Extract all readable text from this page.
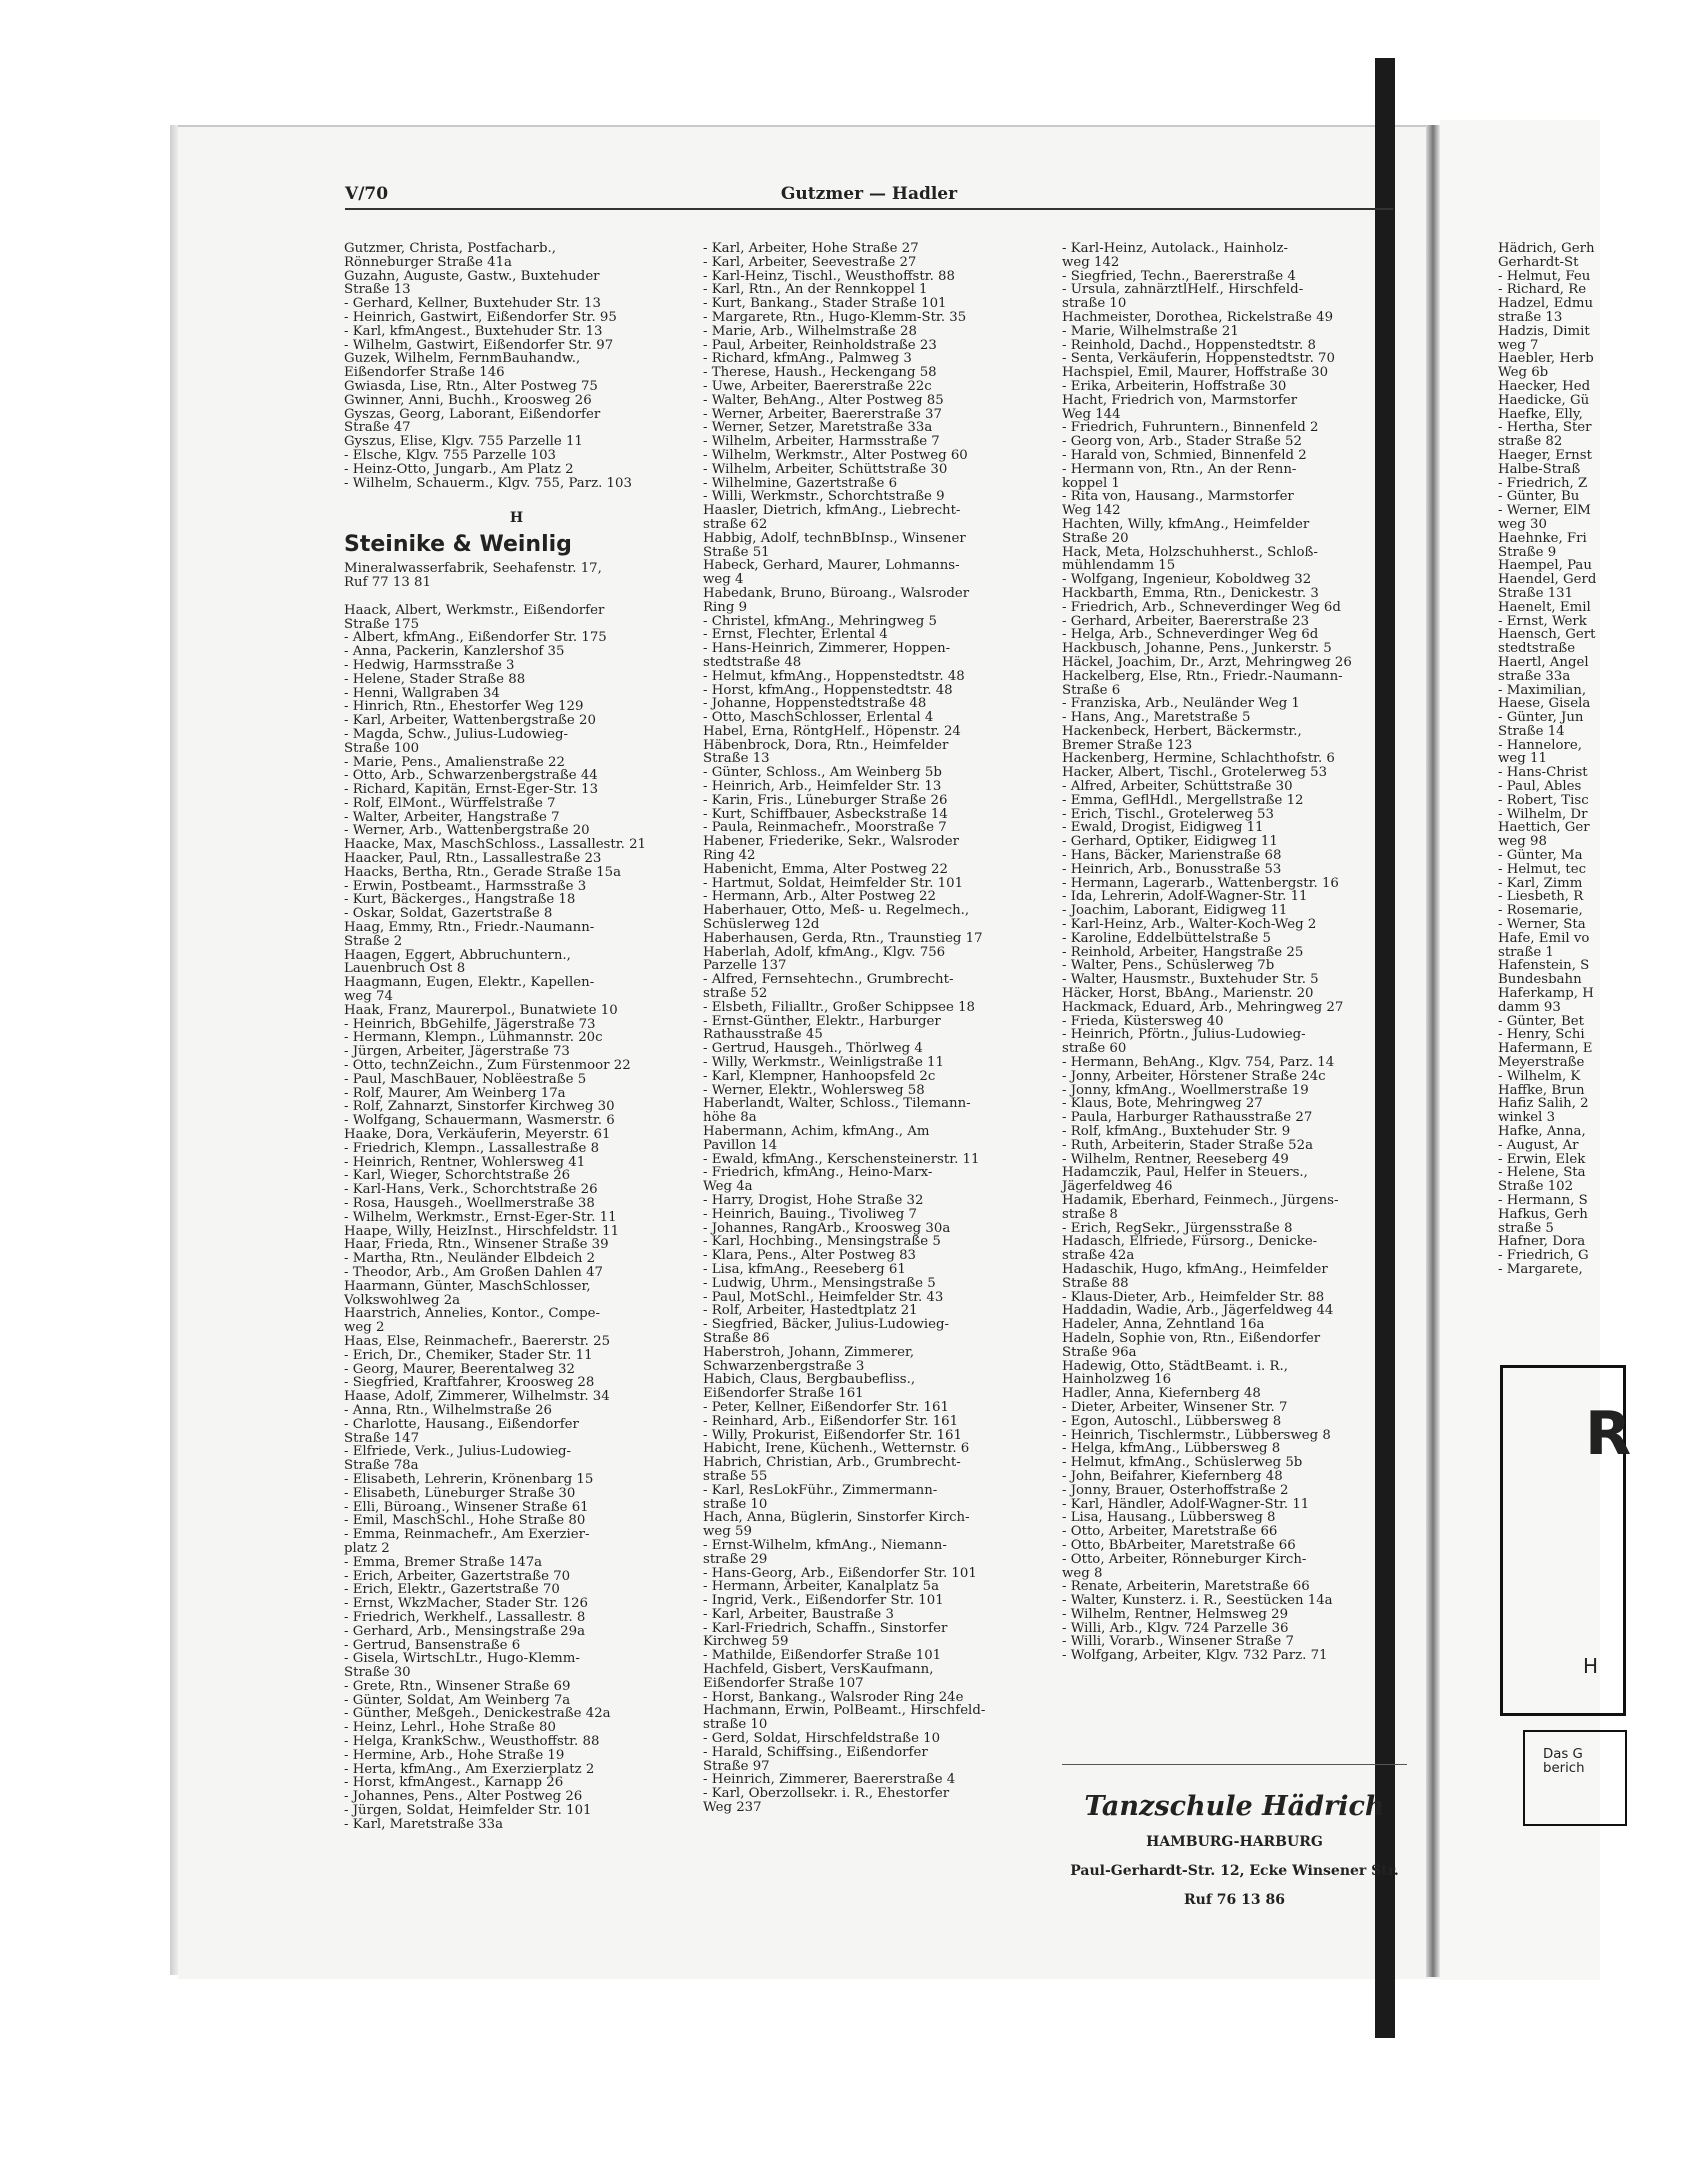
V/70	Gutzmer — Hadler
Gutzmer, Christa, Postfacharb.,
Rönneburger Straße 41a
Guzahn, Auguste, Gastw., Buxtehuder
Straße 13
- Gerhard, Kellner, Buxtehuder Str. 13
- Heinrich, Gastwirt, Eißendorfer Str. 95
- Karl, kfmAngest., Buxtehuder Str. 13
- Wilhelm, Gastwirt, Eißendorfer Str. 97
Guzek, Wilhelm, FernmBauhandw.,
Eißendorfer Straße 146
Gwiasda, Lise, Rtn., Alter Postweg 75
Gwinner, Anni, Buchh., Kroosweg 26
Gyszas, Georg, Laborant, Eißendorfer
Straße 47
Gyszus, Elise, Klgv. 755 Parzelle 11
- Elsche, Klgv. 755 Parzelle 103
- Heinz-Otto, Jungarb., Am Platz 2
- Wilhelm, Schauerm., Klgv. 755, Parz. 103
H
Steinike & Weinlig
Mineralwasserfabrik, Seehafenstr. 17,
Ruf 77 13 81
Haack, Albert, Werkmstr., Eißendorfer
Straße 175
- Albert, kfmAng., Eißendorfer Str. 175
- Anna, Packerin, Kanzlershof 35
- Hedwig, Harmsstraße 3
- Helene, Stader Straße 88
- Henni, Wallgraben 34
- Hinrich, Rtn., Ehestorfer Weg 129
- Karl, Arbeiter, Wattenbergstraße 20
- Magda, Schw., Julius-Ludowieg-
Straße 100
- Marie, Pens., Amalienstraße 22
- Otto, Arb., Schwarzenbergstraße 44
- Richard, Kapitän, Ernst-Eger-Str. 13
- Rolf, ElMont., Würffelstraße 7
- Walter, Arbeiter, Hangstraße 7
- Werner, Arb., Wattenbergstraße 20
Haacke, Max, MaschSchloss., Lassallestr. 21
Haacker, Paul, Rtn., Lassallestraße 23
Haacks, Bertha, Rtn., Gerade Straße 15a
- Erwin, Postbeamt., Harmsstraße 3
- Kurt, Bäckerges., Hangstraße 18
- Oskar, Soldat, Gazertstraße 8
Haag, Emmy, Rtn., Friedr.-Naumann-
Straße 2
Haagen, Eggert, Abbruchuntern.,
Lauenbruch Ost 8
Haagmann, Eugen, Elektr., Kapellen-
weg 74
Haak, Franz, Maurerpol., Bunatwiete 10
- Heinrich, BbGehilfe, Jägerstraße 73
- Hermann, Klempn., Lühmannstr. 20c
- Jürgen, Arbeiter, Jägerstraße 73
- Otto, technZeichn., Zum Fürstenmoor 22
- Paul, MaschBauer, Noblëestraße 5
- Rolf, Maurer, Am Weinberg 17a
- Rolf, Zahnarzt, Sinstorfer Kirchweg 30
- Wolfgang, Schauermann, Wasmerstr. 6
Haake, Dora, Verkäuferin, Meyerstr. 61
- Friedrich, Klempn., Lassallestraße 8
- Heinrich, Rentner, Wohlersweg 41
- Karl, Wieger, Schorchtstraße 26
- Karl-Hans, Verk., Schorchtstraße 26
- Rosa, Hausgeh., Woellmerstraße 38
- Wilhelm, Werkmstr., Ernst-Eger-Str. 11
Haape, Willy, HeizInst., Hirschfeldstr. 11
Haar, Frieda, Rtn., Winsener Straße 39
- Martha, Rtn., Neuländer Elbdeich 2
- Theodor, Arb., Am Großen Dahlen 47
Haarmann, Günter, MaschSchlosser,
Volkswohlweg 2a
Haarstrich, Annelies, Kontor., Compe-
weg 2
Haas, Else, Reinmachefr., Baererstr. 25
- Erich, Dr., Chemiker, Stader Str. 11
- Georg, Maurer, Beerentalweg 32
- Siegfried, Kraftfahrer, Kroosweg 28
Haase, Adolf, Zimmerer, Wilhelmstr. 34
- Anna, Rtn., Wilhelmstraße 26
- Charlotte, Hausang., Eißendorfer
Straße 147
- Elfriede, Verk., Julius-Ludowieg-
Straße 78a
- Elisabeth, Lehrerin, Krönenbarg 15
- Elisabeth, Lüneburger Straße 30
- Elli, Büroang., Winsener Straße 61
- Emil, MaschSchl., Hohe Straße 80
- Emma, Reinmachefr., Am Exerzier-
platz 2
- Emma, Bremer Straße 147a
- Erich, Arbeiter, Gazertstraße 70
- Erich, Elektr., Gazertstraße 70
- Ernst, WkzMacher, Stader Str. 126
- Friedrich, Werkhelf., Lassallestr. 8
- Gerhard, Arb., Mensingstraße 29a
- Gertrud, Bansenstraße 6
- Gisela, WirtschLtr., Hugo-Klemm-
Straße 30
- Grete, Rtn., Winsener Straße 69
- Günter, Soldat, Am Weinberg 7a
- Günther, Meßgeh., Denickestraße 42a
- Heinz, Lehrl., Hohe Straße 80
- Helga, KrankSchw., Weusthoffstr. 88
- Hermine, Arb., Hohe Straße 19
- Herta, kfmAng., Am Exerzierplatz 2
- Horst, kfmAngest., Karnapp 26
- Johannes, Pens., Alter Postweg 26
- Jürgen, Soldat, Heimfelder Str. 101
- Karl, Maretstraße 33a
- Karl, Arbeiter, Hohe Straße 27
- Karl, Arbeiter, Seevestraße 27
- Karl-Heinz, Tischl., Weusthoffstr. 88
- Karl, Rtn., An der Rennkoppel 1
- Kurt, Bankang., Stader Straße 101
- Margarete, Rtn., Hugo-Klemm-Str. 35
- Marie, Arb., Wilhelmstraße 28
- Paul, Arbeiter, Reinholdstraße 23
- Richard, kfmAng., Palmweg 3
- Therese, Haush., Heckengang 58
- Uwe, Arbeiter, Baererstraße 22c
- Walter, BehAng., Alter Postweg 85
- Werner, Arbeiter, Baererstraße 37
- Werner, Setzer, Maretstraße 33a
- Wilhelm, Arbeiter, Harmsstraße 7
- Wilhelm, Werkmstr., Alter Postweg 60
- Wilhelm, Arbeiter, Schüttstraße 30
- Wilhelmine, Gazertstraße 6
- Willi, Werkmstr., Schorchtstraße 9
Haasler, Dietrich, kfmAng., Liebrecht-
straße 62
Habbig, Adolf, technBbInsp., Winsener
Straße 51
Habeck, Gerhard, Maurer, Lohmanns-
weg 4
Habedank, Bruno, Büroang., Walsroder
Ring 9
- Christel, kfmAng., Mehringweg 5
- Ernst, Flechter, Erlental 4
- Hans-Heinrich, Zimmerer, Hoppen-
stedtstraße 48
- Helmut, kfmAng., Hoppenstedtstr. 48
- Horst, kfmAng., Hoppenstedtstr. 48
- Johanne, Hoppenstedtstraße 48
- Otto, MaschSchlosser, Erlental 4
Habel, Erna, RöntgHelf., Höpenstr. 24
Häbenbrock, Dora, Rtn., Heimfelder
Straße 13
- Günter, Schloss., Am Weinberg 5b
- Heinrich, Arb., Heimfelder Str. 13
- Karin, Fris., Lüneburger Straße 26
- Kurt, Schiffbauer, Asbeckstraße 14
- Paula, Reinmachefr., Moorstraße 7
Habener, Friederike, Sekr., Walsroder
Ring 42
Habenicht, Emma, Alter Postweg 22
- Hartmut, Soldat, Heimfelder Str. 101
- Hermann, Arb., Alter Postweg 22
Haberhauer, Otto, Meß- u. Regelmech.,
Schüslerweg 12d
Haberhausen, Gerda, Rtn., Traunstieg 17
Haberlah, Adolf, kfmAng., Klgv. 756
Parzelle 137
- Alfred, Fernsehtechn., Grumbrecht-
straße 52
- Elsbeth, Filialltr., Großer Schippsee 18
- Ernst-Günther, Elektr., Harburger
Rathausstraße 45
- Gertrud, Hausgeh., Thörlweg 4
- Willy, Werkmstr., Weinligstraße 11
- Karl, Klempner, Hanhoopsfeld 2c
- Werner, Elektr., Wohlersweg 58
Haberlandt, Walter, Schloss., Tilemann-
höhe 8a
Habermann, Achim, kfmAng., Am
Pavillon 14
- Ewald, kfmAng., Kerschensteinerstr. 11
- Friedrich, kfmAng., Heino-Marx-
Weg 4a
- Harry, Drogist, Hohe Straße 32
- Heinrich, Bauing., Tivoliweg 7
- Johannes, RangArb., Kroosweg 30a
- Karl, Hochbing., Mensingstraße 5
- Klara, Pens., Alter Postweg 83
- Lisa, kfmAng., Reeseberg 61
- Ludwig, Uhrm., Mensingstraße 5
- Paul, MotSchl., Heimfelder Str. 43
- Rolf, Arbeiter, Hastedtplatz 21
- Siegfried, Bäcker, Julius-Ludowieg-
Straße 86
Haberstroh, Johann, Zimmerer,
Schwarzenbergstraße 3
Habich, Claus, Bergbaubefliss.,
Eißendorfer Straße 161
- Peter, Kellner, Eißendorfer Str. 161
- Reinhard, Arb., Eißendorfer Str. 161
- Willy, Prokurist, Eißendorfer Str. 161
Habicht, Irene, Küchenh., Wetternstr. 6
Habrich, Christian, Arb., Grumbrecht-
straße 55
- Karl, ResLokFühr., Zimmermann-
straße 10
Hach, Anna, Büglerin, Sinstorfer Kirch-
weg 59
- Ernst-Wilhelm, kfmAng., Niemann-
straße 29
- Hans-Georg, Arb., Eißendorfer Str. 101
- Hermann, Arbeiter, Kanalplatz 5a
- Ingrid, Verk., Eißendorfer Str. 101
- Karl, Arbeiter, Baustraße 3
- Karl-Friedrich, Schaffn., Sinstorfer
Kirchweg 59
- Mathilde, Eißendorfer Straße 101
Hachfeld, Gisbert, VersKaufmann,
Eißendorfer Straße 107
- Horst, Bankang., Walsroder Ring 24e
Hachmann, Erwin, PolBeamt., Hirschfeld-
straße 10
- Gerd, Soldat, Hirschfeldstraße 10
- Harald, Schiffsing., Eißendorfer
Straße 97
- Heinrich, Zimmerer, Baererstraße 4
- Karl, Oberzollsekr. i. R., Ehestorfer
Weg 237
- Karl-Heinz, Autolack., Hainholz-
weg 142
- Siegfried, Techn., Baererstraße 4
- Ursula, zahnärztlHelf., Hirschfeld-
straße 10
Hachmeister, Dorothea, Rickelstraße 49
- Marie, Wilhelmstraße 21
- Reinhold, Dachd., Hoppenstedtstr. 8
- Senta, Verkäuferin, Hoppenstedtstr. 70
Hachspiel, Emil, Maurer, Hoffstraße 30
- Erika, Arbeiterin, Hoffstraße 30
Hacht, Friedrich von, Marmstorfer
Weg 144
- Friedrich, Fuhruntern., Binnenfeld 2
- Georg von, Arb., Stader Straße 52
- Harald von, Schmied, Binnenfeld 2
- Hermann von, Rtn., An der Renn-
koppel 1
- Rita von, Hausang., Marmstorfer
Weg 142
Hachten, Willy, kfmAng., Heimfelder
Straße 20
Hack, Meta, Holzschuhherst., Schloß-
mühlendamm 15
- Wolfgang, Ingenieur, Koboldweg 32
Hackbarth, Emma, Rtn., Denickestr. 3
- Friedrich, Arb., Schneverdinger Weg 6d
- Gerhard, Arbeiter, Baererstraße 23
- Helga, Arb., Schneverdinger Weg 6d
Hackbusch, Johanne, Pens., Junkerstr. 5
Häckel, Joachim, Dr., Arzt, Mehringweg 26
Hackelberg, Else, Rtn., Friedr.-Naumann-
Straße 6
- Franziska, Arb., Neuländer Weg 1
- Hans, Ang., Maretstraße 5
Hackenbeck, Herbert, Bäckermstr.,
Bremer Straße 123
Hackenberg, Hermine, Schlachthofstr. 6
Hacker, Albert, Tischl., Grotelerweg 53
- Alfred, Arbeiter, Schüttstraße 30
- Emma, GeflHdl., Mergellstraße 12
- Erich, Tischl., Grotelerweg 53
- Ewald, Drogist, Eidigweg 11
- Gerhard, Optiker, Eidigweg 11
- Hans, Bäcker, Marienstraße 68
- Heinrich, Arb., Bonusstraße 53
- Hermann, Lagerarb., Wattenbergstr. 16
- Ida, Lehrerin, Adolf-Wagner-Str. 11
- Joachim, Laborant, Eidigweg 11
- Karl-Heinz, Arb., Walter-Koch-Weg 2
- Karoline, Eddelbüttelstraße 5
- Reinhold, Arbeiter, Hangstraße 25
- Walter, Pens., Schüslerweg 7b
- Walter, Hausmstr., Buxtehuder Str. 5
Häcker, Horst, BbAng., Marienstr. 20
Hackmack, Eduard, Arb., Mehringweg 27
- Frieda, Küstersweg 40
- Heinrich, Pförtn., Julius-Ludowieg-
straße 60
- Hermann, BehAng., Klgv. 754, Parz. 14
- Jonny, Arbeiter, Hörstener Straße 24c
- Jonny, kfmAng., Woellmerstraße 19
- Klaus, Bote, Mehringweg 27
- Paula, Harburger Rathausstraße 27
- Rolf, kfmAng., Buxtehuder Str. 9
- Ruth, Arbeiterin, Stader Straße 52a
- Wilhelm, Rentner, Reeseberg 49
Hadamczik, Paul, Helfer in Steuers.,
Jägerfeldweg 46
Hadamik, Eberhard, Feinmech., Jürgens-
straße 8
- Erich, RegSekr., Jürgensstraße 8
Hadasch, Elfriede, Fürsorg., Denicke-
straße 42a
Hadaschik, Hugo, kfmAng., Heimfelder
Straße 88
- Klaus-Dieter, Arb., Heimfelder Str. 88
Haddadin, Wadie, Arb., Jägerfeldweg 44
Hadeler, Anna, Zehntland 16a
Hadeln, Sophie von, Rtn., Eißendorfer
Straße 96a
Hadewig, Otto, StädtBeamt. i. R.,
Hainholzweg 16
Hadler, Anna, Kiefernberg 48
- Dieter, Arbeiter, Winsener Str. 7
- Egon, Autoschl., Lübbersweg 8
- Heinrich, Tischlermstr., Lübbersweg 8
- Helga, kfmAng., Lübbersweg 8
- Helmut, kfmAng., Schüslerweg 5b
- John, Beifahrer, Kiefernberg 48
- Jonny, Brauer, Osterhoffstraße 2
- Karl, Händler, Adolf-Wagner-Str. 11
- Lisa, Hausang., Lübbersweg 8
- Otto, Arbeiter, Maretstraße 66
- Otto, BbArbeiter, Maretstraße 66
- Otto, Arbeiter, Rönneburger Kirch-
weg 8
- Renate, Arbeiterin, Maretstraße 66
- Walter, Kunsterz. i. R., Seestücken 14a
- Wilhelm, Rentner, Helmsweg 29
- Willi, Arb., Klgv. 724 Parzelle 36
- Willi, Vorarb., Winsener Straße 7
- Wolfgang, Arbeiter, Klgv. 732 Parz. 71
Tanzschule Hädrich
HAMBURG-HARBURG
Paul-Gerhardt-Str. 12, Ecke Winsener Str.
Ruf 76 13 86
Hädrich, Gerh
Gerhardt-St
- Helmut, Feu
- Richard, Re
Hadzel, Edmu
straße 13
Hadzis, Dimit
weg 7
Haebler, Herb
Weg 6b
Haecker, Hed
Haedicke, Gü
Haefke, Elly,
- Hertha, Ster
straße 82
Haeger, Ernst
Halbe-Straß
- Friedrich, Z
- Günter, Bu
- Werner, ElM
weg 30
Haehnke, Fri
Straße 9
Haempel, Pau
Haendel, Gerd
Straße 131
Haenelt, Emil
- Ernst, Werk
Haensch, Gert
stedtstraße
Haertl, Angel
straße 33a
- Maximilian,
Haese, Gisela
- Günter, Jun
Straße 14
- Hannelore,
weg 11
- Hans-Christ
- Paul, Ables
- Robert, Tisc
- Wilhelm, Dr
Haettich, Ger
weg 98
- Günter, Ma
- Helmut, tec
- Karl, Zimm
- Liesbeth, R
- Rosemarie,
- Werner, Sta
Hafe, Emil vo
straße 1
Hafenstein, S
Bundesbahn
Haferkamp, H
damm 93
- Günter, Bet
- Henry, Schi
Hafermann, E
Meyerstraße
- Wilhelm, K
Haffke, Brun
Hafiz Salih, 2
winkel 3
Hafke, Anna,
- August, Ar
- Erwin, Elek
- Helene, Sta
Straße 102
- Hermann, S
Hafkus, Gerh
straße 5
Hafner, Dora
- Friedrich, G
- Margarete,
R
H
Das G
berich
